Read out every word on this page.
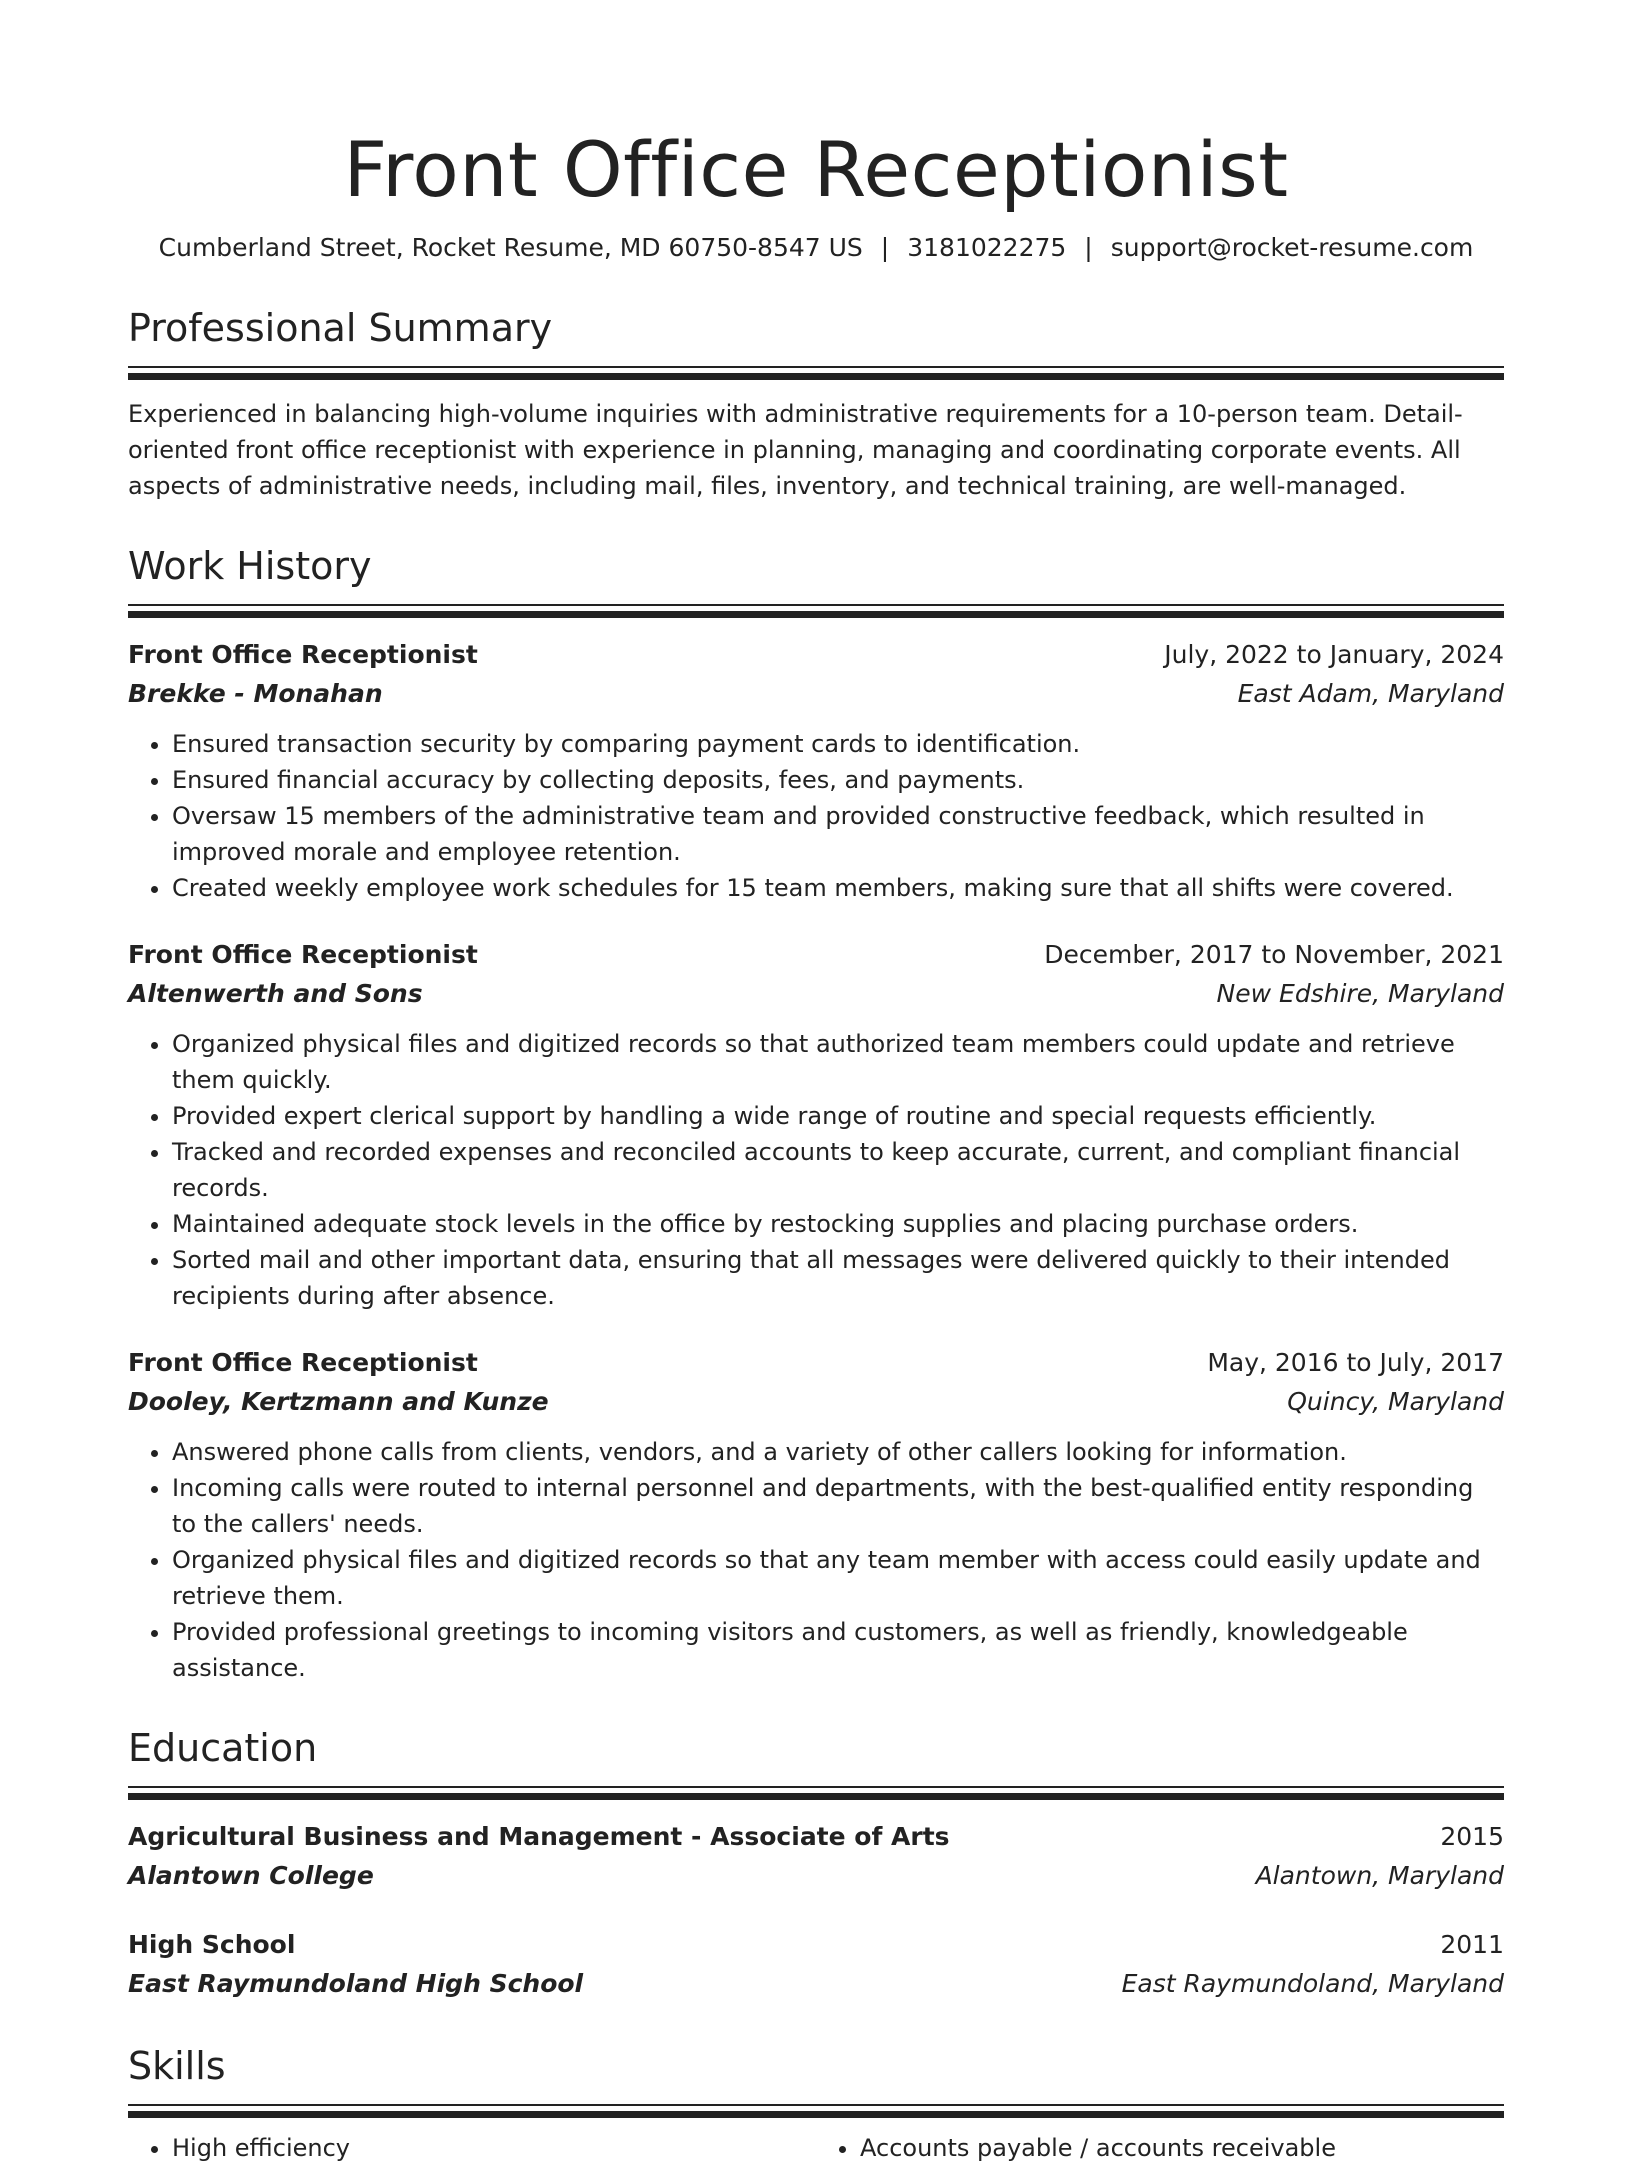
Front Office Receptionist
Cumberland Street, Rocket Resume, MD 60750-8547 US | 3181022275 | support@rocket-resume.com
Professional Summary
Experienced in balancing high-volume inquiries with administrative requirements for a 10-person team. Detail-oriented front office receptionist with experience in planning, managing and coordinating corporate events. All aspects of administrative needs, including mail, files, inventory, and technical training, are well-managed.
Work History
Front Office Receptionist	July, 2022 to January, 2024
Brekke - Monahan	East Adam, Maryland
• Ensured transaction security by comparing payment cards to identification.
• Ensured financial accuracy by collecting deposits, fees, and payments.
• Oversaw 15 members of the administrative team and provided constructive feedback, which resulted in improved morale and employee retention.
• Created weekly employee work schedules for 15 team members, making sure that all shifts were covered.
Front Office Receptionist	December, 2017 to November, 2021
Altenwerth and Sons	New Edshire, Maryland
• Organized physical files and digitized records so that authorized team members could update and retrieve them quickly.
• Provided expert clerical support by handling a wide range of routine and special requests efficiently.
• Tracked and recorded expenses and reconciled accounts to keep accurate, current, and compliant financial records.
• Maintained adequate stock levels in the office by restocking supplies and placing purchase orders.
• Sorted mail and other important data, ensuring that all messages were delivered quickly to their intended recipients during after absence.
Front Office Receptionist	May, 2016 to July, 2017
Dooley, Kertzmann and Kunze	Quincy, Maryland
• Answered phone calls from clients, vendors, and a variety of other callers looking for information.
• Incoming calls were routed to internal personnel and departments, with the best-qualified entity responding to the callers' needs.
• Organized physical files and digitized records so that any team member with access could easily update and retrieve them.
• Provided professional greetings to incoming visitors and customers, as well as friendly, knowledgeable assistance.
Education
Agricultural Business and Management - Associate of Arts	2015
Alantown College	Alantown, Maryland
High School	2011
East Raymundoland High School	East Raymundoland, Maryland
Skills
• High efficiency
•	Accounts payable / accounts receivable
